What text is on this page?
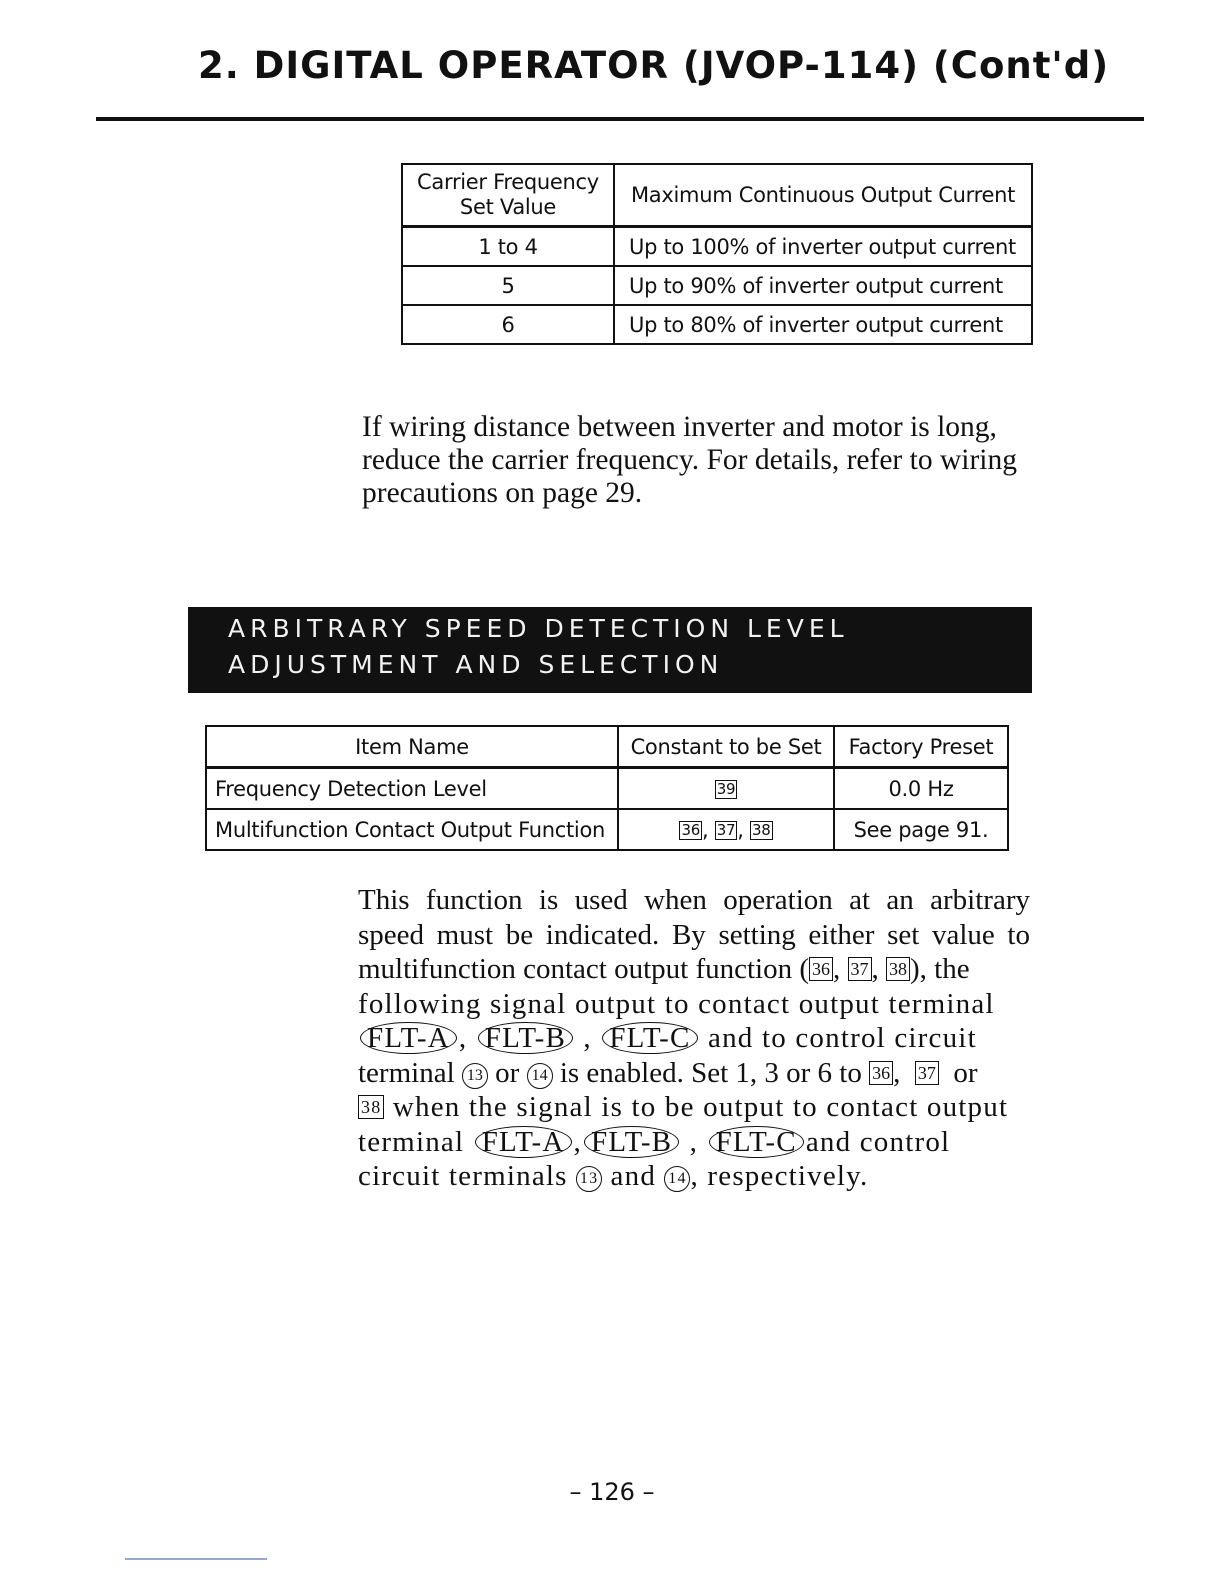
2. DIGITAL OPERATOR (JVOP-114) (Cont'd)
Carrier Frequency Set Value	Maximum Continuous Output Current
1 to 4	Up to 100% of inverter output current
5	Up to 90% of inverter output current
6	Up to 80% of inverter output current
If wiring distance between inverter and motor is long, reduce the carrier frequency. For details, refer to wiring precautions on page 29.
ARBITRARY SPEED DETECTION LEVEL
ADJUSTMENT AND SELECTION
Item Name	Constant to be Set	Factory Preset
Frequency Detection Level	39	0.0 Hz
Multifunction Contact Output Function	36, 37, 38	See page 91.
This function is used when operation at an arbitrary
speed must be indicated. By setting either set value to
multifunction contact output function ( 36 , 37 , 38 ), the
following signal output to contact output terminal
FLT-A , FLT-B , FLT-C and to control circuit
terminal 13 or 14 is enabled. Set 1, 3 or 6 to 36 ,  37 or
38 when the signal is to be output to contact output
terminal FLT-A , FLT-B , FLT-C and control
circuit terminals 13 and 14 , respectively.
– 126 –
